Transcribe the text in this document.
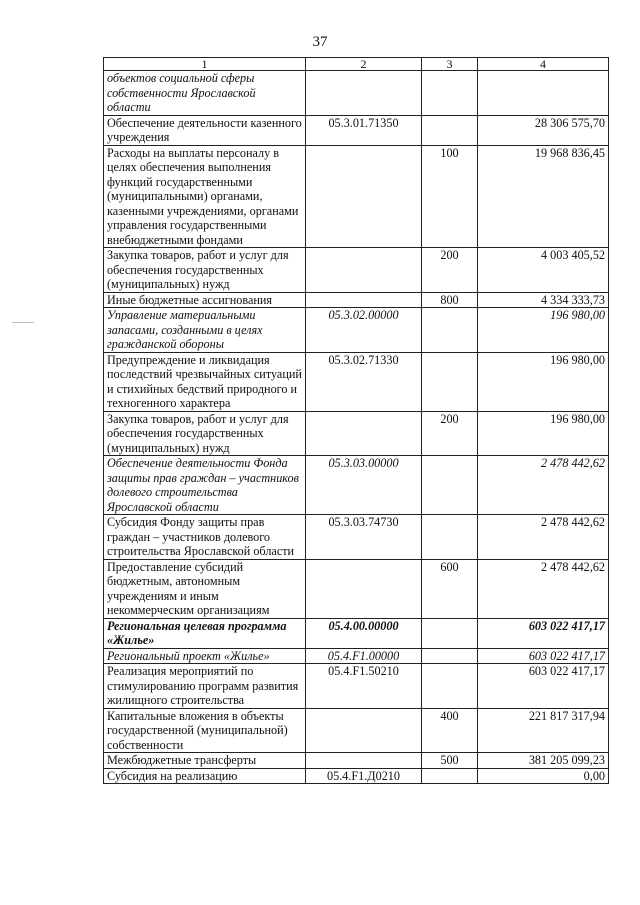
37
1	2	3	4
объектов социальной сферы собственности Ярославской области			
Обеспечение деятельности казенного учреждения	05.3.01.71350		28 306 575,70
Расходы на выплаты персоналу в целях обеспечения выполнения функций государственными (муниципальными) органами, казенными учреждениями, органами управления государственными внебюджетными фондами		100	19 968 836,45
Закупка товаров, работ и услуг для обеспечения государственных (муниципальных) нужд		200	4 003 405,52
Иные бюджетные ассигнования		800	4 334 333,73
Управление материальными запасами, созданными в целях гражданской обороны	05.3.02.00000		196 980,00
Предупреждение и ликвидация последствий чрезвычайных ситуаций и стихийных бедствий природного и техногенного характера	05.3.02.71330		196 980,00
Закупка товаров, работ и услуг для обеспечения государственных (муниципальных) нужд		200	196 980,00
Обеспечение деятельности Фонда защиты прав граждан – участников долевого строительства Ярославской области	05.3.03.00000		2 478 442,62
Субсидия Фонду защиты прав граждан – участников долевого строительства Ярославской области	05.3.03.74730		2 478 442,62
Предоставление субсидий бюджетным, автономным учреждениям и иным некоммерческим организациям		600	2 478 442,62
Региональная целевая программа «Жилье»	05.4.00.00000		603 022 417,17
Региональный проект «Жилье»	05.4.F1.00000		603 022 417,17
Реализация мероприятий по стимулированию программ развития жилищного строительства	05.4.F1.50210		603 022 417,17
Капитальные вложения в объекты государственной (муниципальной) собственности		400	221 817 317,94
Межбюджетные трансферты		500	381 205 099,23
Субсидия на реализацию	05.4.F1.Д0210		0,00
